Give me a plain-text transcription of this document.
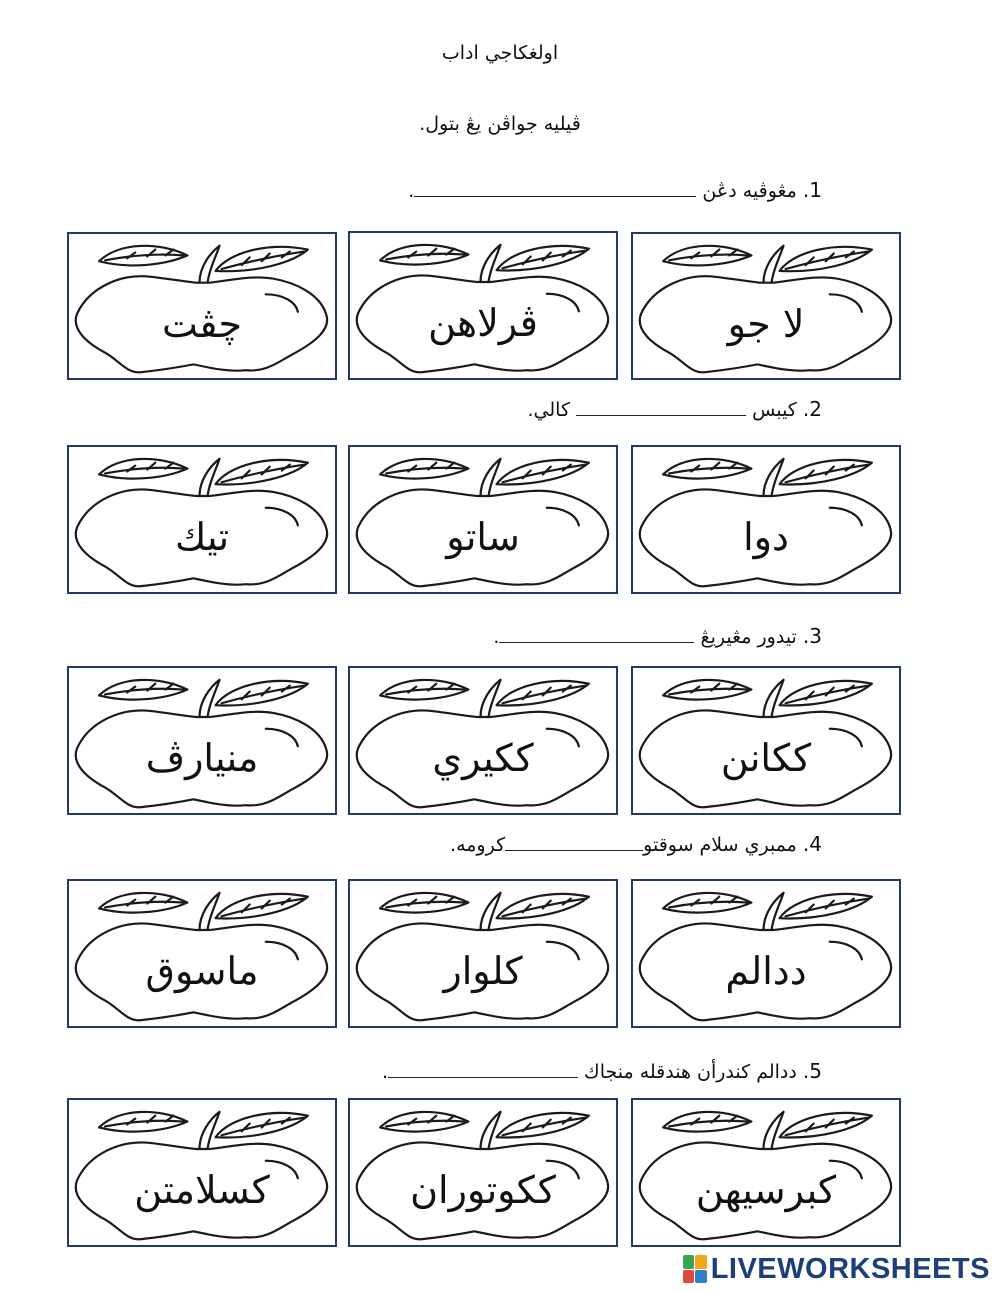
اولغكاجي اداب
ڤيليه جواڤن يڠ بتول.
1. مڠوڤيه دڠن .
2. كيبس  كالي.
3. تيدور مڠيريڠ .
4. ممبري سلام سوقتوكرومه.
5. ددالم كندرأن هندقله منجاك .
چڤت	ڤرلاهن	لا جو
تيك	ساتو	دوا
منيارڤ	ككيري	ككانن
ماسوق	كلوار	ددالم
كسلامتن	ككوتوران	كبرسيهن
LIVEWORKSHEETS
